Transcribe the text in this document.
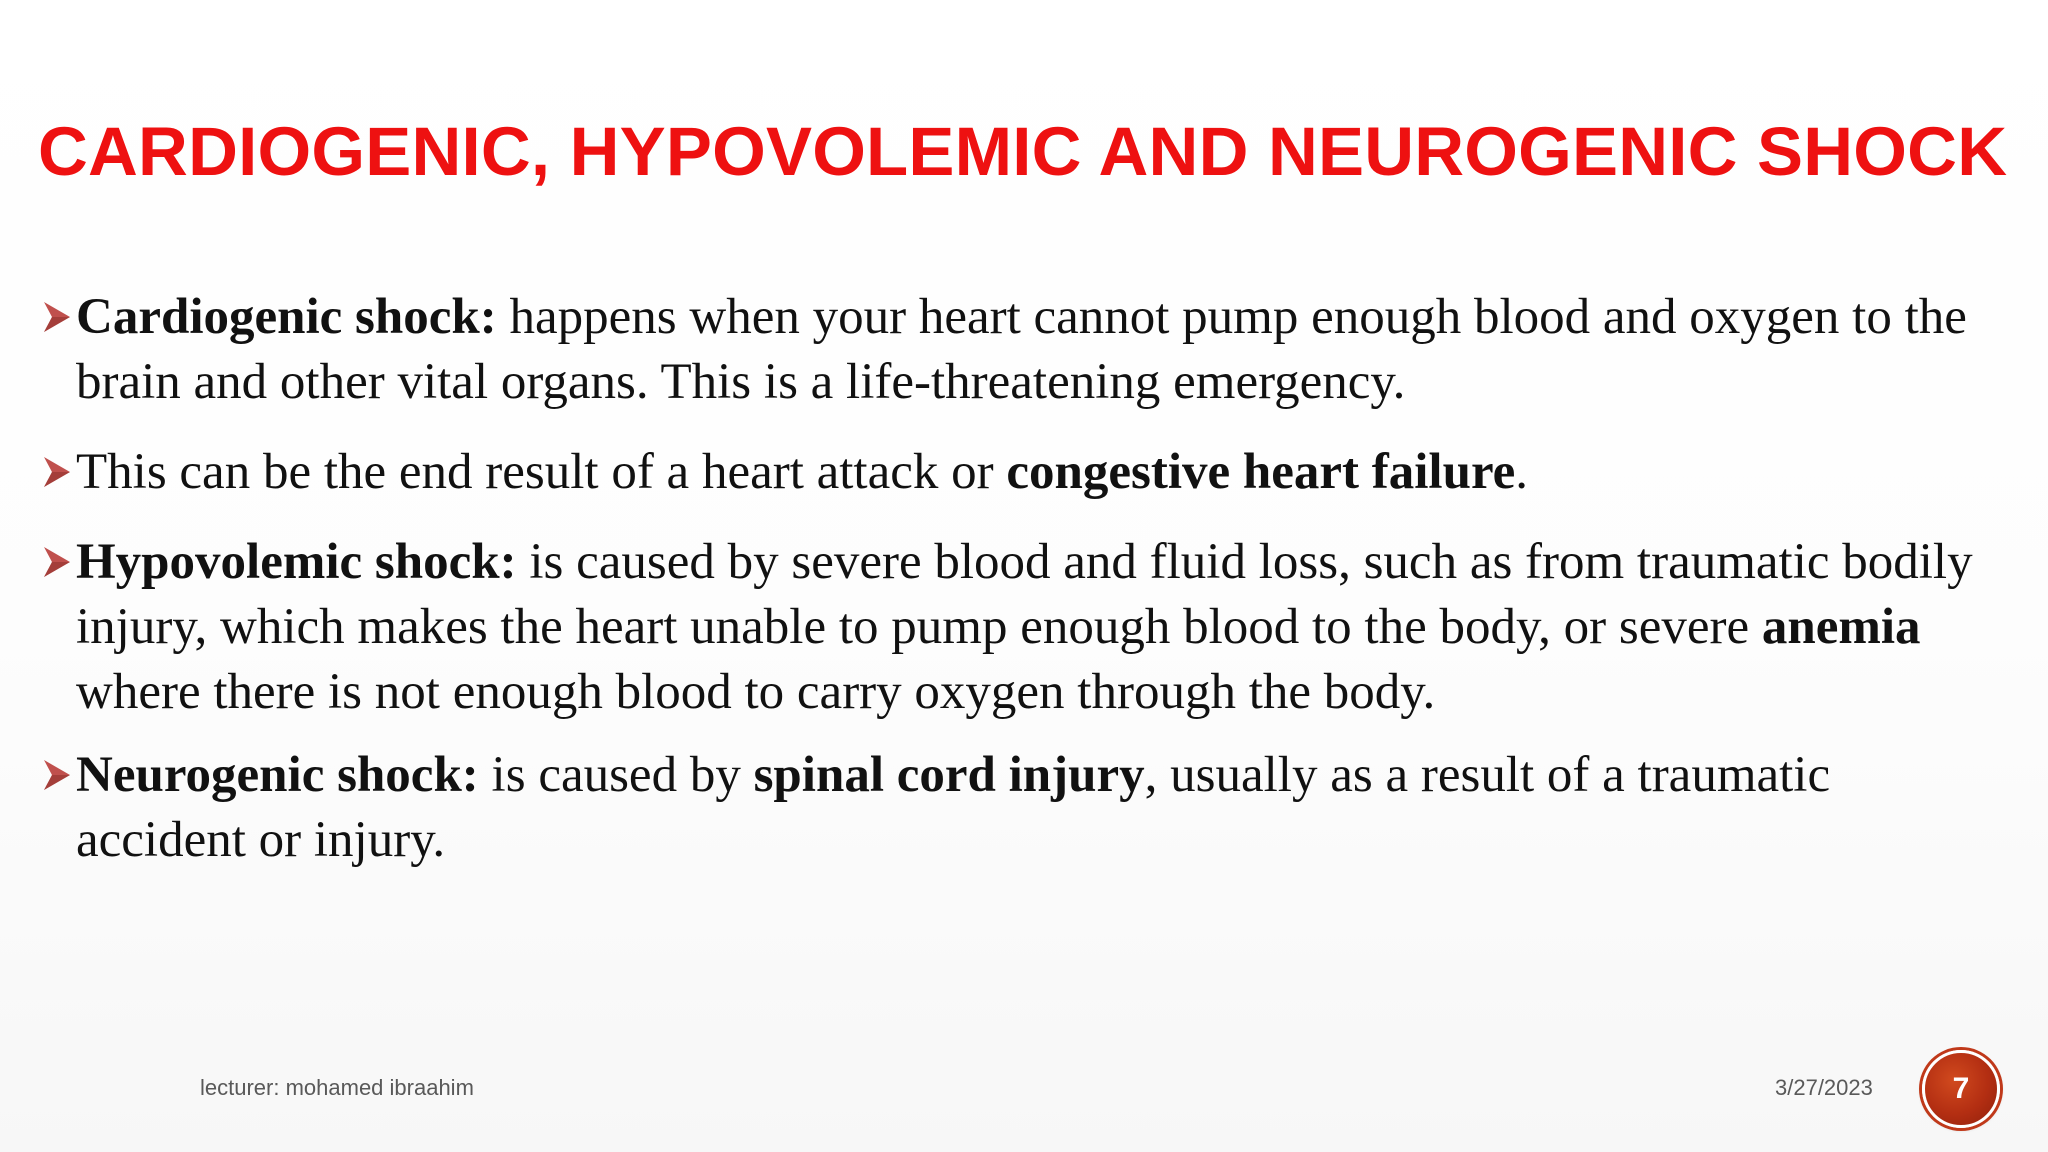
CARDIOGENIC, HYPOVOLEMIC AND NEUROGENIC SHOCK
Cardiogenic shock: happens when your heart cannot pump enough blood and oxygen to the brain and other vital organs. This is a life-threatening emergency.
This can be the end result of a heart attack or congestive heart failure.
Hypovolemic shock: is caused by severe blood and fluid loss, such as from traumatic bodily injury, which makes the heart unable to pump enough blood to the body, or severe anemia where there is not enough blood to carry oxygen through the body.
Neurogenic shock: is caused by spinal cord injury, usually as a result of a traumatic accident or injury.
lecturer: mohamed ibraahim	3/27/2023	7
